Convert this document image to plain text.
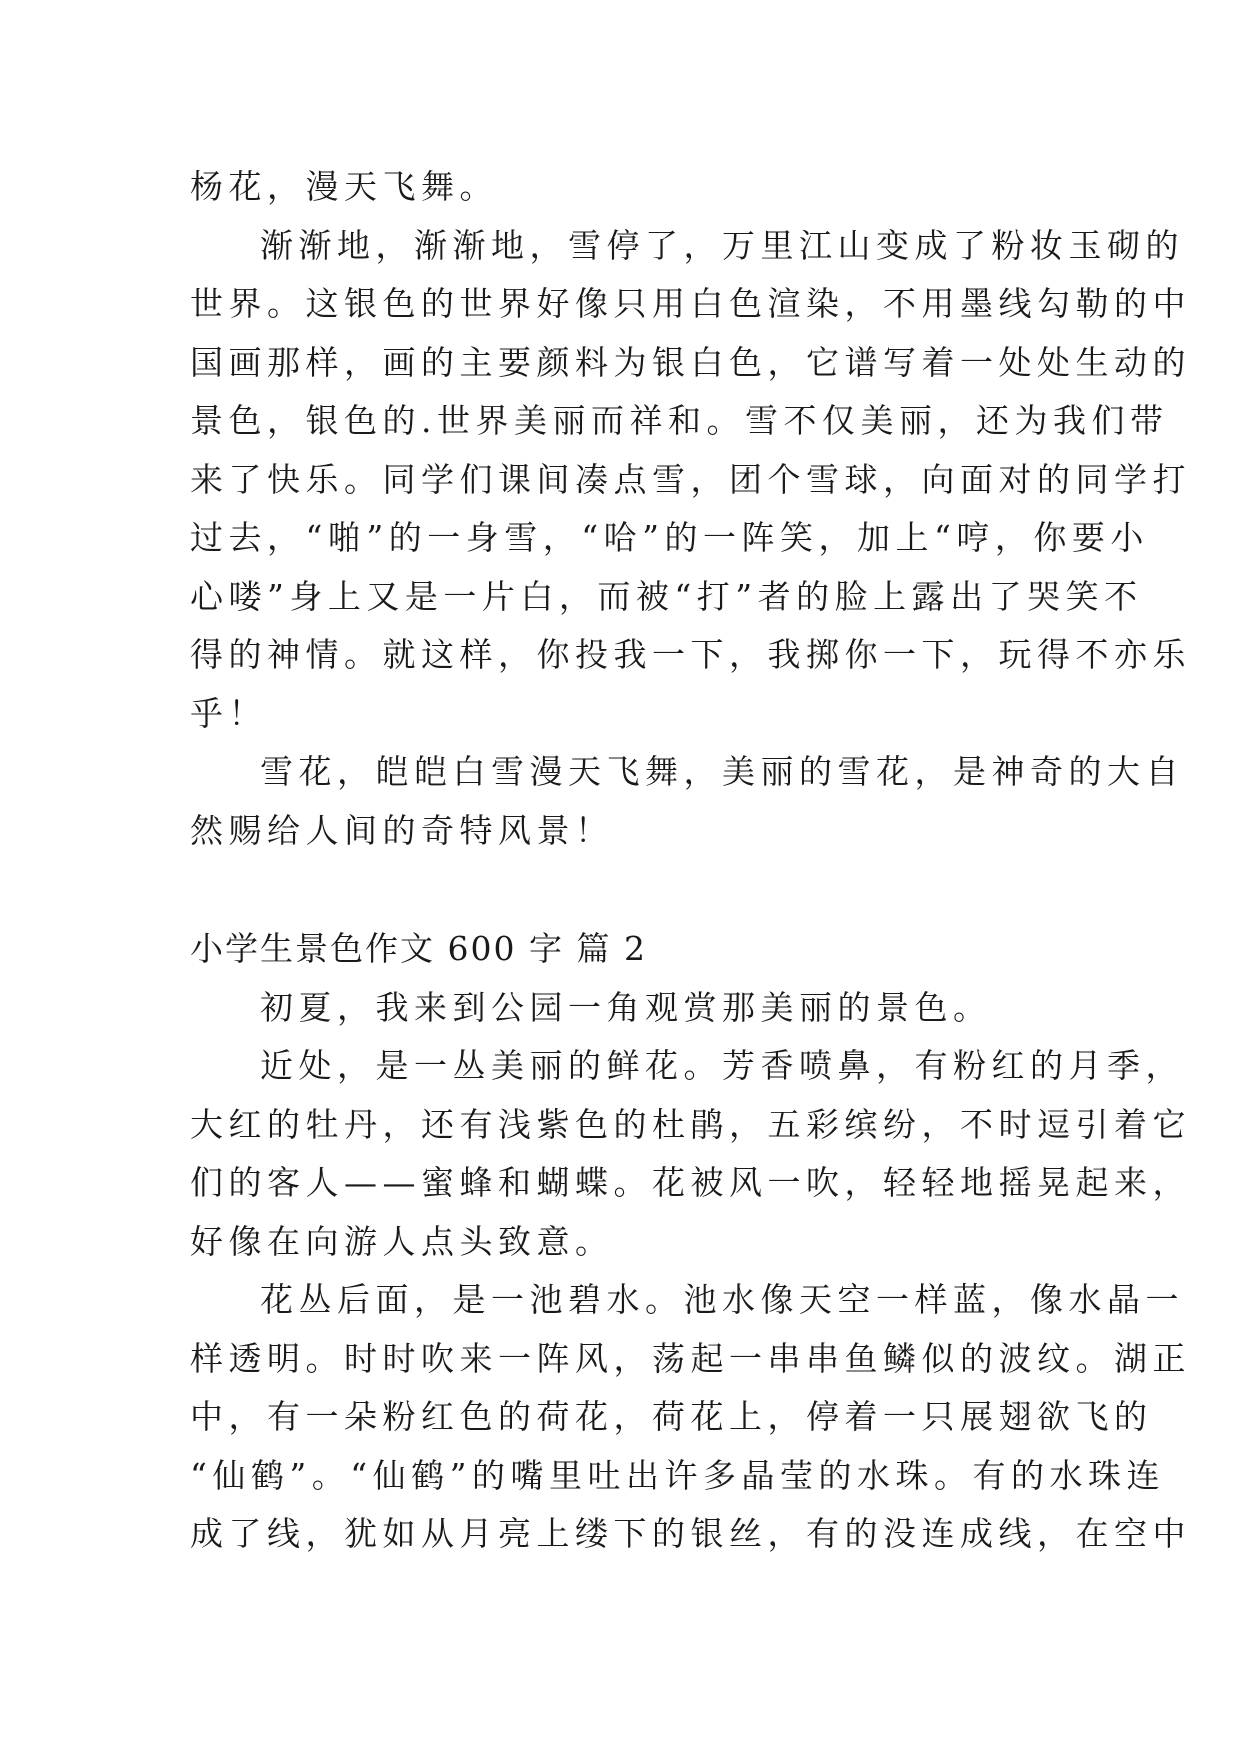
杨花，漫天飞舞。
渐渐地，渐渐地，雪停了，万里江山变成了粉妆玉砌的
世界。这银色的世界好像只用白色渲染，不用墨线勾勒的中
国画那样，画的主要颜料为银白色，它谱写着一处处生动的
景色，银色的.世界美丽而祥和。雪不仅美丽，还为我们带
来了快乐。同学们课间凑点雪，团个雪球，向面对的同学打
过去，“啪”的一身雪，“哈”的一阵笑，加上“哼，你要小
心喽”身上又是一片白，而被“打”者的脸上露出了哭笑不
得的神情。就这样，你投我一下，我掷你一下，玩得不亦乐
乎！
雪花，皑皑白雪漫天飞舞，美丽的雪花，是神奇的大自
然赐给人间的奇特风景！
小学生景色作文 600 字 篇 2
初夏，我来到公园一角观赏那美丽的景色。
近处，是一丛美丽的鲜花。芳香喷鼻，有粉红的月季，
大红的牡丹，还有浅紫色的杜鹃，五彩缤纷，不时逗引着它
们的客人——蜜蜂和蝴蝶。花被风一吹，轻轻地摇晃起来，
好像在向游人点头致意。
花丛后面，是一池碧水。池水像天空一样蓝，像水晶一
样透明。时时吹来一阵风，荡起一串串鱼鳞似的波纹。湖正
中，有一朵粉红色的荷花，荷花上，停着一只展翅欲飞的
“仙鹤”。“仙鹤”的嘴里吐出许多晶莹的水珠。有的水珠连
成了线，犹如从月亮上缕下的银丝，有的没连成线，在空中
